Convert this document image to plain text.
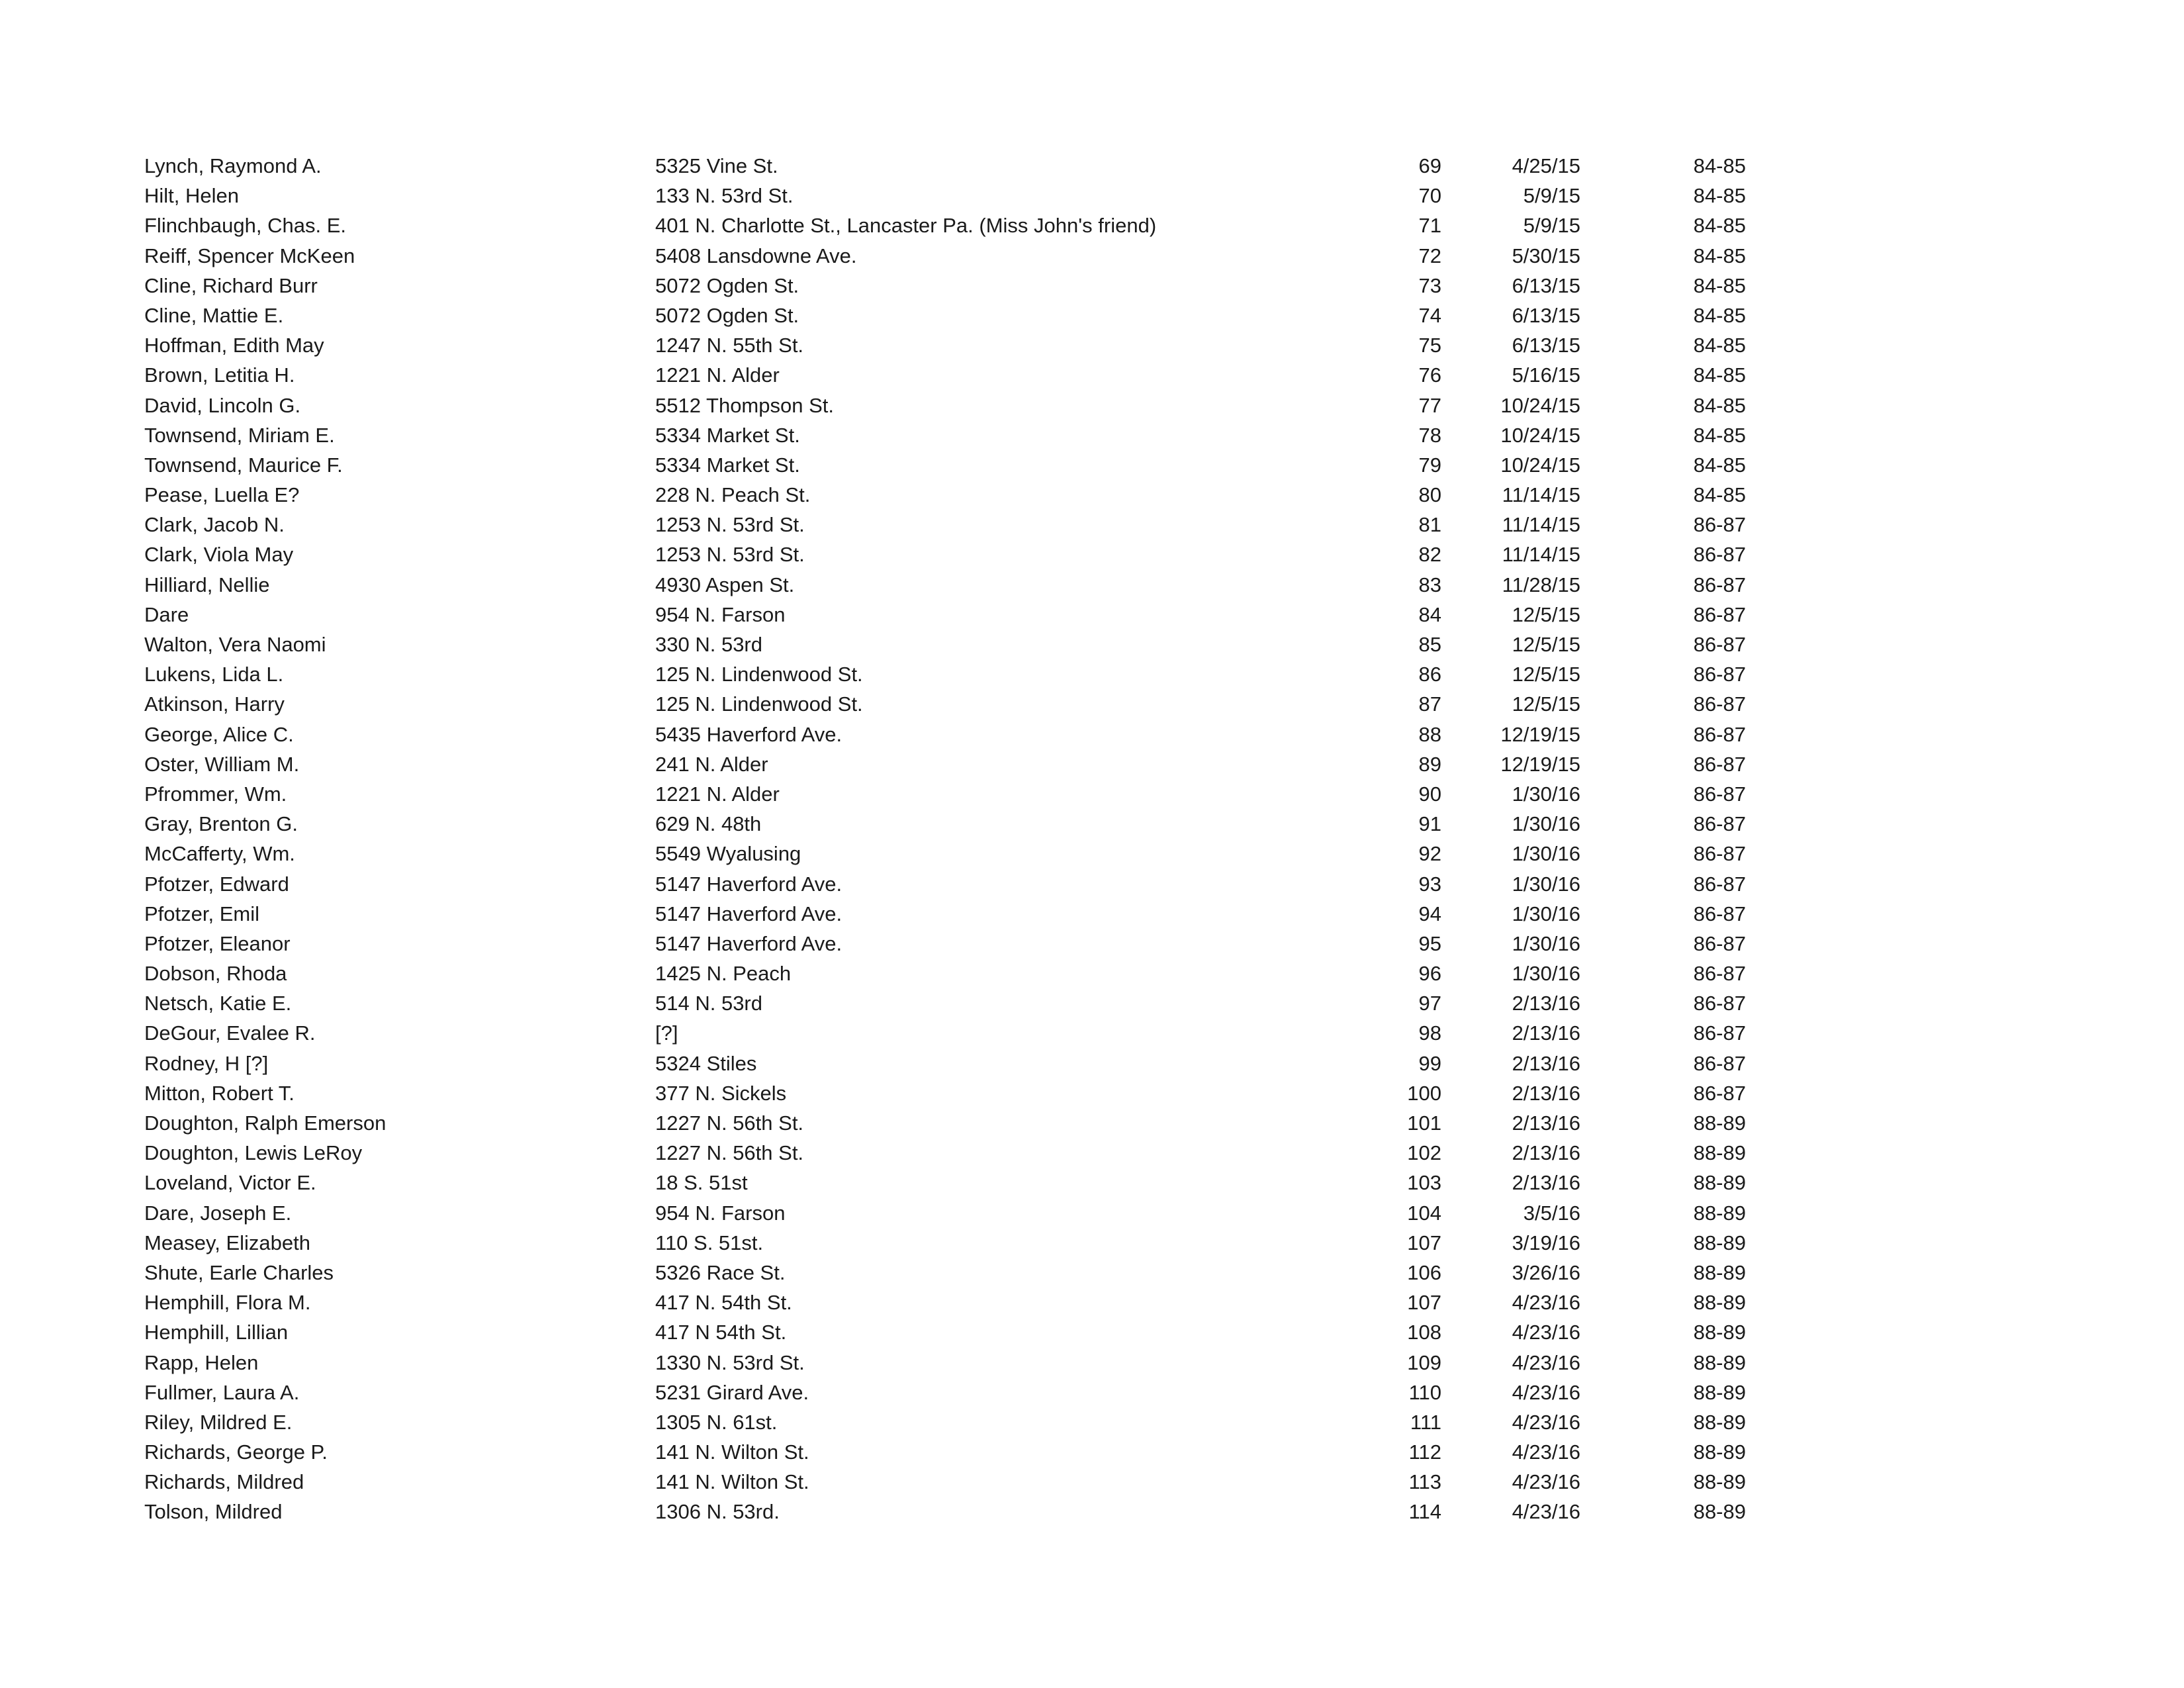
Lynch, Raymond A.	5325 Vine St.	69	4/25/15	84-85
Hilt, Helen	133 N. 53rd St.	70	5/9/15	84-85
Flinchbaugh, Chas. E.	401 N. Charlotte St., Lancaster Pa. (Miss John's friend)	71	5/9/15	84-85
Reiff, Spencer McKeen	5408 Lansdowne Ave.	72	5/30/15	84-85
Cline, Richard Burr	5072 Ogden St.	73	6/13/15	84-85
Cline, Mattie E.	5072 Ogden St.	74	6/13/15	84-85
Hoffman, Edith May	1247 N. 55th St.	75	6/13/15	84-85
Brown, Letitia H.	1221 N. Alder	76	5/16/15	84-85
David, Lincoln G.	5512 Thompson St.	77	10/24/15	84-85
Townsend, Miriam E.	5334 Market St.	78	10/24/15	84-85
Townsend, Maurice F.	5334 Market St.	79	10/24/15	84-85
Pease, Luella E?	228 N. Peach St.	80	11/14/15	84-85
Clark, Jacob N.	1253 N. 53rd St.	81	11/14/15	86-87
Clark, Viola May	1253 N. 53rd St.	82	11/14/15	86-87
Hilliard, Nellie	4930 Aspen St.	83	11/28/15	86-87
Dare	954 N. Farson	84	12/5/15	86-87
Walton, Vera Naomi	330 N. 53rd	85	12/5/15	86-87
Lukens, Lida L.	125 N. Lindenwood St.	86	12/5/15	86-87
Atkinson, Harry	125 N. Lindenwood St.	87	12/5/15	86-87
George, Alice C.	5435 Haverford Ave.	88	12/19/15	86-87
Oster, William M.	241 N. Alder	89	12/19/15	86-87
Pfrommer, Wm.	1221 N. Alder	90	1/30/16	86-87
Gray, Brenton G.	629 N. 48th	91	1/30/16	86-87
McCafferty, Wm.	5549 Wyalusing	92	1/30/16	86-87
Pfotzer, Edward	5147 Haverford Ave.	93	1/30/16	86-87
Pfotzer, Emil	5147 Haverford Ave.	94	1/30/16	86-87
Pfotzer, Eleanor	5147 Haverford Ave.	95	1/30/16	86-87
Dobson, Rhoda	1425 N. Peach	96	1/30/16	86-87
Netsch, Katie E.	514 N. 53rd	97	2/13/16	86-87
DeGour, Evalee R.	[?]	98	2/13/16	86-87
Rodney, H [?]	5324 Stiles	99	2/13/16	86-87
Mitton, Robert T.	377 N. Sickels	100	2/13/16	86-87
Doughton, Ralph Emerson	1227 N. 56th St.	101	2/13/16	88-89
Doughton, Lewis LeRoy	1227 N. 56th St.	102	2/13/16	88-89
Loveland, Victor E.	18 S. 51st	103	2/13/16	88-89
Dare, Joseph E.	954 N. Farson	104	3/5/16	88-89
Measey, Elizabeth	110 S. 51st.	107	3/19/16	88-89
Shute, Earle Charles	5326 Race St.	106	3/26/16	88-89
Hemphill, Flora M.	417 N. 54th St.	107	4/23/16	88-89
Hemphill, Lillian	417 N 54th St.	108	4/23/16	88-89
Rapp, Helen	1330 N. 53rd St.	109	4/23/16	88-89
Fullmer, Laura A.	5231 Girard Ave.	110	4/23/16	88-89
Riley, Mildred E.	1305 N. 61st.	111	4/23/16	88-89
Richards, George P.	141 N. Wilton St.	112	4/23/16	88-89
Richards, Mildred	141 N. Wilton St.	113	4/23/16	88-89
Tolson, Mildred	1306 N. 53rd.	114	4/23/16	88-89
